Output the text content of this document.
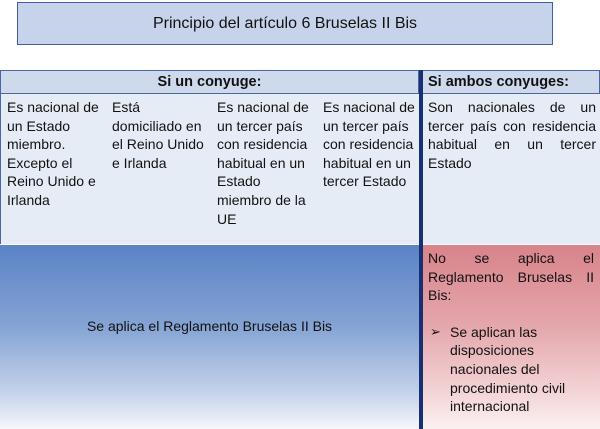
Principio del artículo 6 Bruselas II Bis
Si un conyuge:	Si ambos conyuges:
Es nacional de un Estado miembro. Excepto el Reino Unido e Irlanda
Está domiciliado en el Reino Unido e Irlanda
Es nacional de un tercer país con residencia habitual en un Estado miembro de la UE
Es nacional de un tercer país con residencia habitual en un tercer Estado
Son nacionales de un tercer país con residencia habitual en un tercer Estado
Se aplica el Reglamento Bruselas II Bis
No se aplica el Reglamento Bruselas II Bis:
➢ Se aplican las disposiciones nacionales del procedimiento civil internacional
